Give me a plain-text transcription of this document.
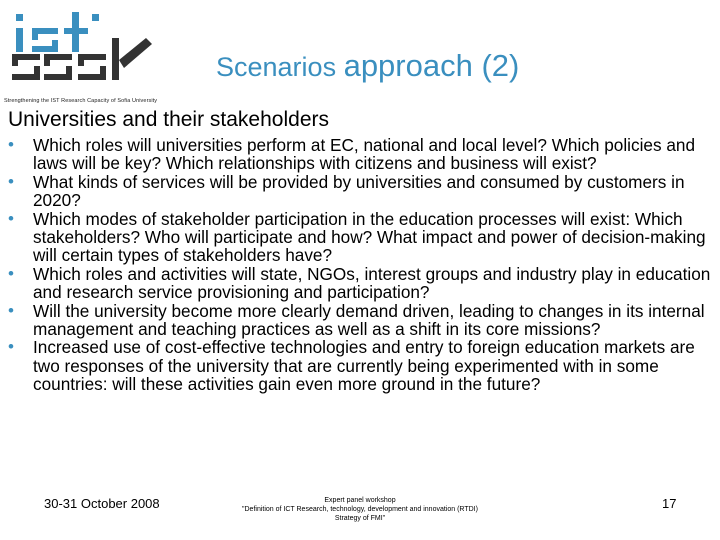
Strengthening the IST Research Capacity of Sofia University
Scenarios approach (2)
Universities and their stakeholders
• Which roles will universities perform at EC, national and local level? Which policies and laws will be key? Which relationships with citizens and business will exist?
• What kinds of services will be provided by universities and consumed by customers in 2020?
• Which modes of stakeholder participation in the education processes will exist: Which stakeholders? Who will participate and how? What impact and power of decision-making will certain types of stakeholders have?
• Which roles and activities will state, NGOs, interest groups and industry play in education and research service provisioning and participation?
• Will the university become more clearly demand driven, leading to changes in its internal management and teaching practices as well as a shift in its core missions?
• Increased use of cost-effective technologies and entry to foreign education markets are two responses of the university that are currently being experimented with in some countries: will these activities gain even more ground in the future?
30-31 October 2008	Expert panel workshop
"Definition of ICT Research, technology, development and innovation (RTDI) Strategy of FMI"
17
